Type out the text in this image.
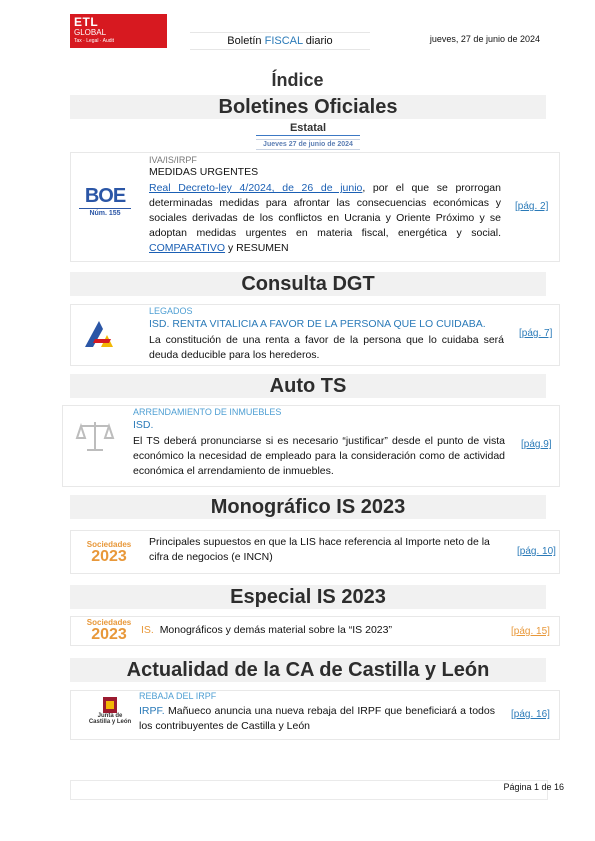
ETL
GLOBAL
Tax · Legal · Audit	Boletín FISCAL diario	jueves, 27 de junio de 2024
Índice
Boletines Oficiales
Estatal
Jueves 27 de junio de 2024
BOE
Núm. 155
IVA/IS/IRPF
MEDIDAS URGENTES
Real Decreto-ley 4/2024, de 26 de junio, por el que se prorrogan determinadas medidas para afrontar las consecuencias económicas y sociales derivadas de los conflictos en Ucrania y Oriente Próximo y se adoptan medidas urgentes en materia fiscal, energética y social. COMPARATIVO y RESUMEN
[pág. 2]
Consulta DGT
LEGADOS
ISD. RENTA VITALICIA A FAVOR DE LA PERSONA QUE LO CUIDABA.
La constitución de una renta a favor de la persona que lo cuidaba será deuda deducible para los herederos.
[pág. 7]
Auto TS
ARRENDAMIENTO DE INMUEBLES
ISD.
El TS deberá pronunciarse si es necesario “justificar” desde el punto de vista económico la necesidad de empleado para la consideración como de actividad económica el arrendamiento de inmuebles.
[pág.9]
Monográfico IS 2023
Sociedades
2023
Principales supuestos en que la LIS hace referencia al Importe neto de la cifra de negocios (e INCN)	[pág. 10]
Especial IS 2023
Sociedades
2023	IS. Monográficos y demás material sobre la “IS 2023”	[pág. 15]
Actualidad de la CA de Castilla y León
Junta de
Castilla y León
REBAJA DEL IRPF
IRPF. Mañueco anuncia una nueva rebaja del IRPF que beneficiará a todos los contribuyentes de Castilla y León
[pág. 16]
Página 1 de 16
